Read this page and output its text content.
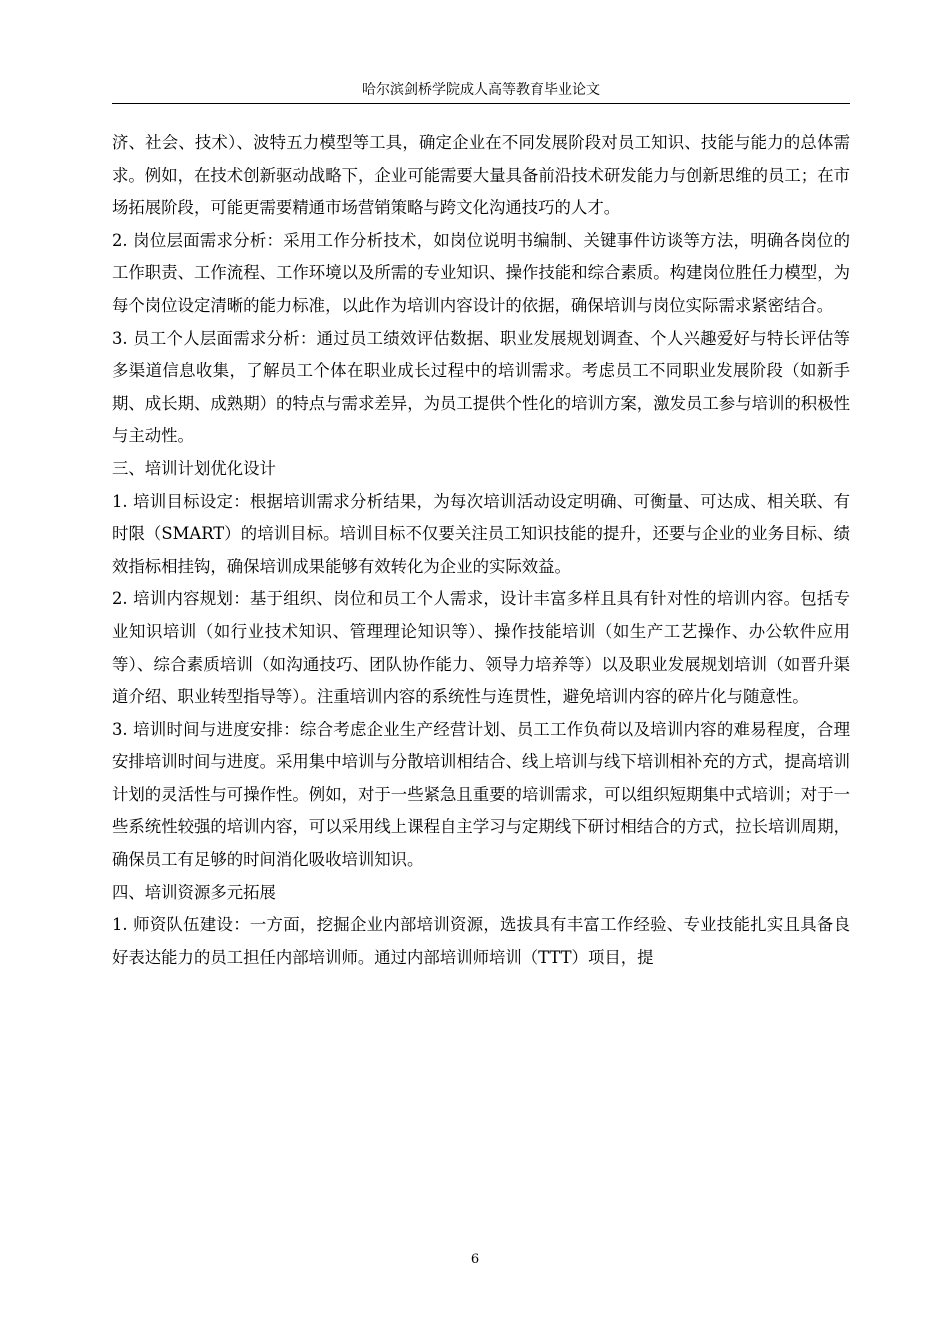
哈尔滨剑桥学院成人高等教育毕业论文

济、社会、技术）、波特五力模型等工具，确定企业在不同发展阶段对员工知识、技能与能力的总体需求。例如，在技术创新驱动战略下，企业可能需要大量具备前沿技术研发能力与创新思维的员工；在市场拓展阶段，可能更需要精通市场营销策略与跨文化沟通技巧的人才。

2. 岗位层面需求分析：采用工作分析技术，如岗位说明书编制、关键事件访谈等方法，明确各岗位的工作职责、工作流程、工作环境以及所需的专业知识、操作技能和综合素质。构建岗位胜任力模型，为每个岗位设定清晰的能力标准，以此作为培训内容设计的依据，确保培训与岗位实际需求紧密结合。

3. 员工个人层面需求分析：通过员工绩效评估数据、职业发展规划调查、个人兴趣爱好与特长评估等多渠道信息收集，了解员工个体在职业成长过程中的培训需求。考虑员工不同职业发展阶段（如新手期、成长期、成熟期）的特点与需求差异，为员工提供个性化的培训方案，激发员工参与培训的积极性与主动性。

三、培训计划优化设计

1. 培训目标设定：根据培训需求分析结果，为每次培训活动设定明确、可衡量、可达成、相关联、有时限（SMART）的培训目标。培训目标不仅要关注员工知识技能的提升，还要与企业的业务目标、绩效指标相挂钩，确保培训成果能够有效转化为企业的实际效益。

2. 培训内容规划：基于组织、岗位和员工个人需求，设计丰富多样且具有针对性的培训内容。包括专业知识培训（如行业技术知识、管理理论知识等）、操作技能培训（如生产工艺操作、办公软件应用等）、综合素质培训（如沟通技巧、团队协作能力、领导力培养等）以及职业发展规划培训（如晋升渠道介绍、职业转型指导等）。注重培训内容的系统性与连贯性，避免培训内容的碎片化与随意性。

3. 培训时间与进度安排：综合考虑企业生产经营计划、员工工作负荷以及培训内容的难易程度，合理安排培训时间与进度。采用集中培训与分散培训相结合、线上培训与线下培训相补充的方式，提高培训计划的灵活性与可操作性。例如，对于一些紧急且重要的培训需求，可以组织短期集中式培训；对于一些系统性较强的培训内容，可以采用线上课程自主学习与定期线下研讨相结合的方式，拉长培训周期，确保员工有足够的时间消化吸收培训知识。

四、培训资源多元拓展

1. 师资队伍建设：一方面，挖掘企业内部培训资源，选拔具有丰富工作经验、专业技能扎实且具备良好表达能力的员工担任内部培训师。通过内部培训师培训（TTT）项目，提

6
